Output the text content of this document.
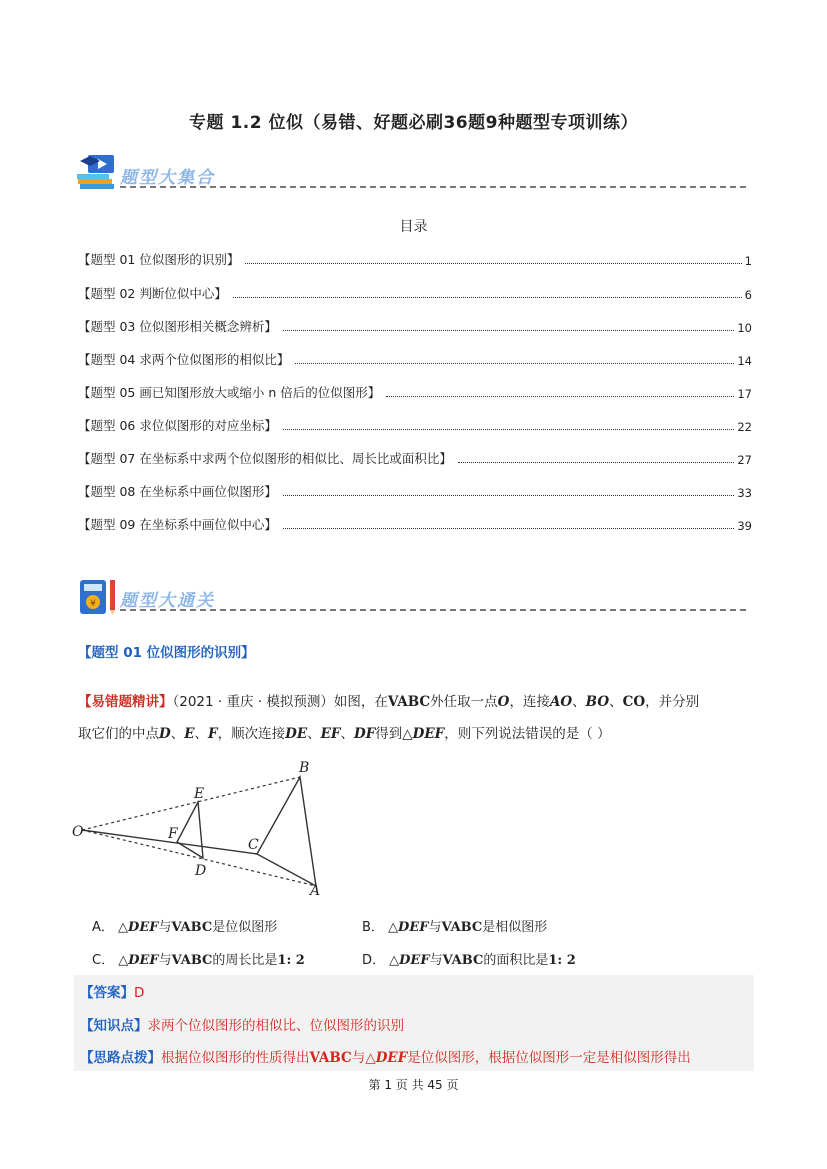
专题 1.2 位似（易错、好题必刷36题9种题型专项训练）
题型大集合
目录
【题型 01 位似图形的识别】	1
【题型 02 判断位似中心】	6
【题型 03 位似图形相关概念辨析】	10
【题型 04 求两个位似图形的相似比】	14
【题型 05 画已知图形放大或缩小 n 倍后的位似图形】	17
【题型 06 求位似图形的对应坐标】	22
【题型 07 在坐标系中求两个位似图形的相似比、周长比或面积比】	27
【题型 08 在坐标系中画位似图形】	33
【题型 09 在坐标系中画位似中心】	39
¥ 题型大通关
【题型 01 位似图形的识别】
【易错题精讲】（2021 · 重庆 · 模拟预测）如图，在VABC外任取一点O，连接AO、BO、CO，并分别
取它们的中点D、E、F，顺次连接DE、EF、DF得到△DEF，则下列说法错误的是（ ）
O
B
E
F
C
D
A
A． △DEF与VABC是位似图形	B． △DEF与VABC是相似图形
C． △DEF与VABC的周长比是1: 2	D． △DEF与VABC的面积比是1: 2
【答案】D
【知识点】求两个位似图形的相似比、位似图形的识别
【思路点拨】根据位似图形的性质得出VABC与△DEF是位似图形，根据位似图形一定是相似图形得出
第 1 页 共 45 页
